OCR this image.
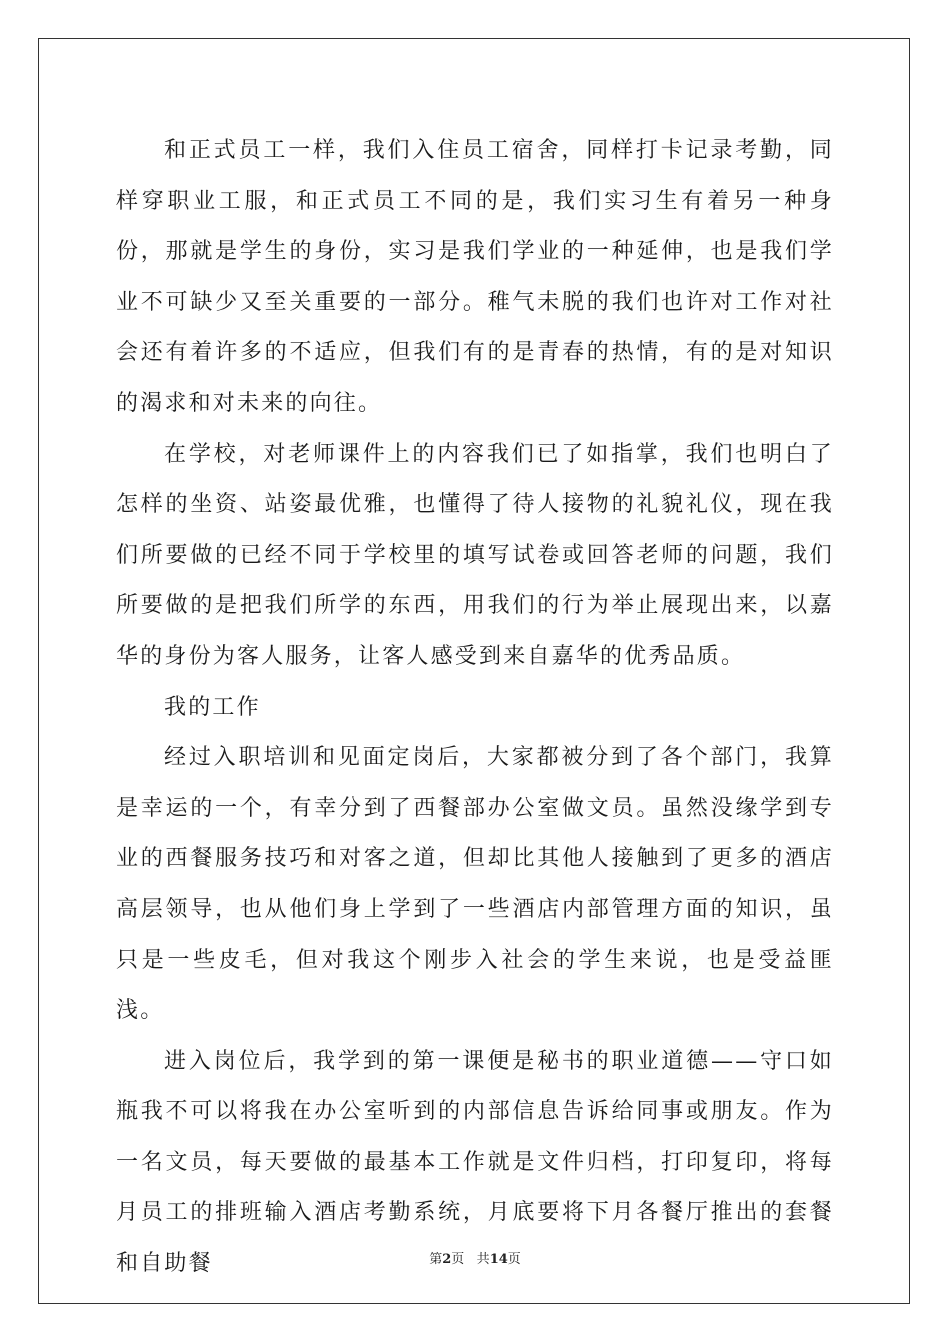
和正式员工一样，我们入住员工宿舍，同样打卡记录考勤，同样穿职业工服，和正式员工不同的是，我们实习生有着另一种身份，那就是学生的身份，实习是我们学业的一种延伸，也是我们学业不可缺少又至关重要的一部分。稚气未脱的我们也许对工作对社会还有着许多的不适应，但我们有的是青春的热情，有的是对知识的渴求和对未来的向往。

在学校，对老师课件上的内容我们已了如指掌，我们也明白了怎样的坐资、站姿最优雅，也懂得了待人接物的礼貌礼仪，现在我们所要做的已经不同于学校里的填写试卷或回答老师的问题，我们所要做的是把我们所学的东西，用我们的行为举止展现出来，以嘉华的身份为客人服务，让客人感受到来自嘉华的优秀品质。

我的工作

经过入职培训和见面定岗后，大家都被分到了各个部门，我算是幸运的一个，有幸分到了西餐部办公室做文员。虽然没缘学到专业的西餐服务技巧和对客之道，但却比其他人接触到了更多的酒店高层领导，也从他们身上学到了一些酒店内部管理方面的知识，虽只是一些皮毛，但对我这个刚步入社会的学生来说，也是受益匪浅。

进入岗位后，我学到的第一课便是秘书的职业道德——守口如瓶我不可以将我在办公室听到的内部信息告诉给同事或朋友。作为一名文员，每天要做的最基本工作就是文件归档，打印复印，将每月员工的排班输入酒店考勤系统，月底要将下月各餐厅推出的套餐和自助餐	第2页 共14页
